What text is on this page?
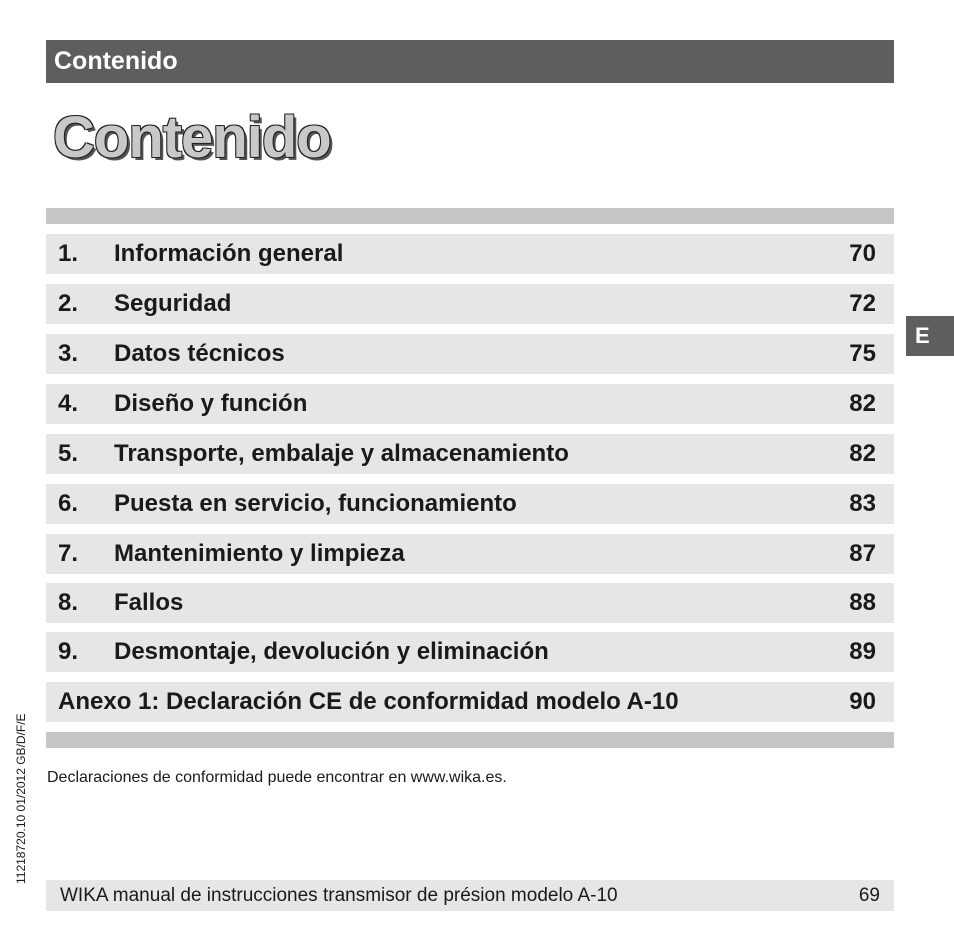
Contenido
Contenido
1. Información general	70
2. Seguridad	72
3. Datos técnicos	75
4. Diseño y función	82
5. Transporte, embalaje y almacenamiento	82
6. Puesta en servicio, funcionamiento	83
7. Mantenimiento y limpieza	87
8. Fallos	88
9. Desmontaje, devolución y eliminación	89
Anexo 1: Declaración CE de conformidad modelo A-10	90
E
11218720.10 01/2012 GB/D/F/E Declaraciones de conformidad puede encontrar en www.wika.es.
WIKA manual de instrucciones transmisor de présion modelo A-10	69
